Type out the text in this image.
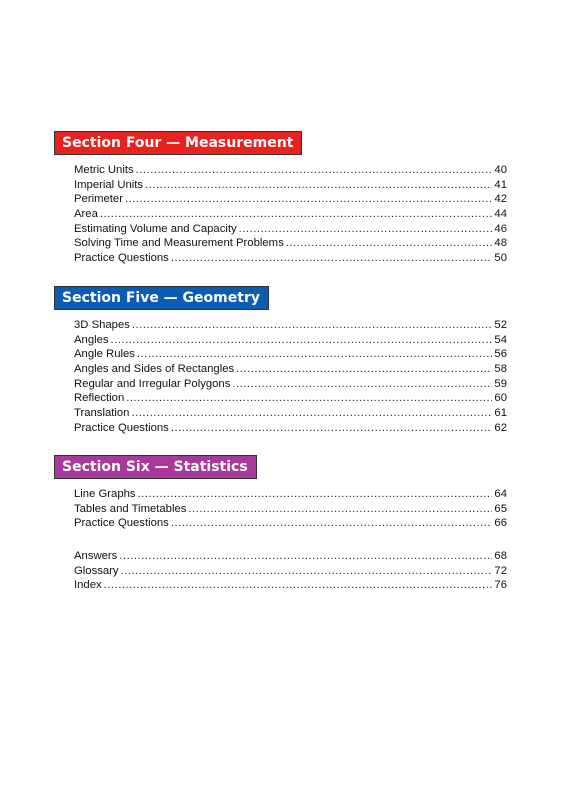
Section Four — Measurement
Metric Units .....	40
Imperial Units .....	41
Perimeter .....	42
Area .....	44
Estimating Volume and Capacity .....	46
Solving Time and Measurement Problems .....	48
Practice Questions .....	50
Section Five — Geometry
3D Shapes .....	52
Angles .....	54
Angle Rules .....	56
Angles and Sides of Rectangles .....	58
Regular and Irregular Polygons .....	59
Reflection .....	60
Translation .....	61
Practice Questions .....	62
Section Six — Statistics
Line Graphs .....	64
Tables and Timetables .....	65
Practice Questions .....	66
Answers .....	68
Glossary .....	72
Index .....	76
